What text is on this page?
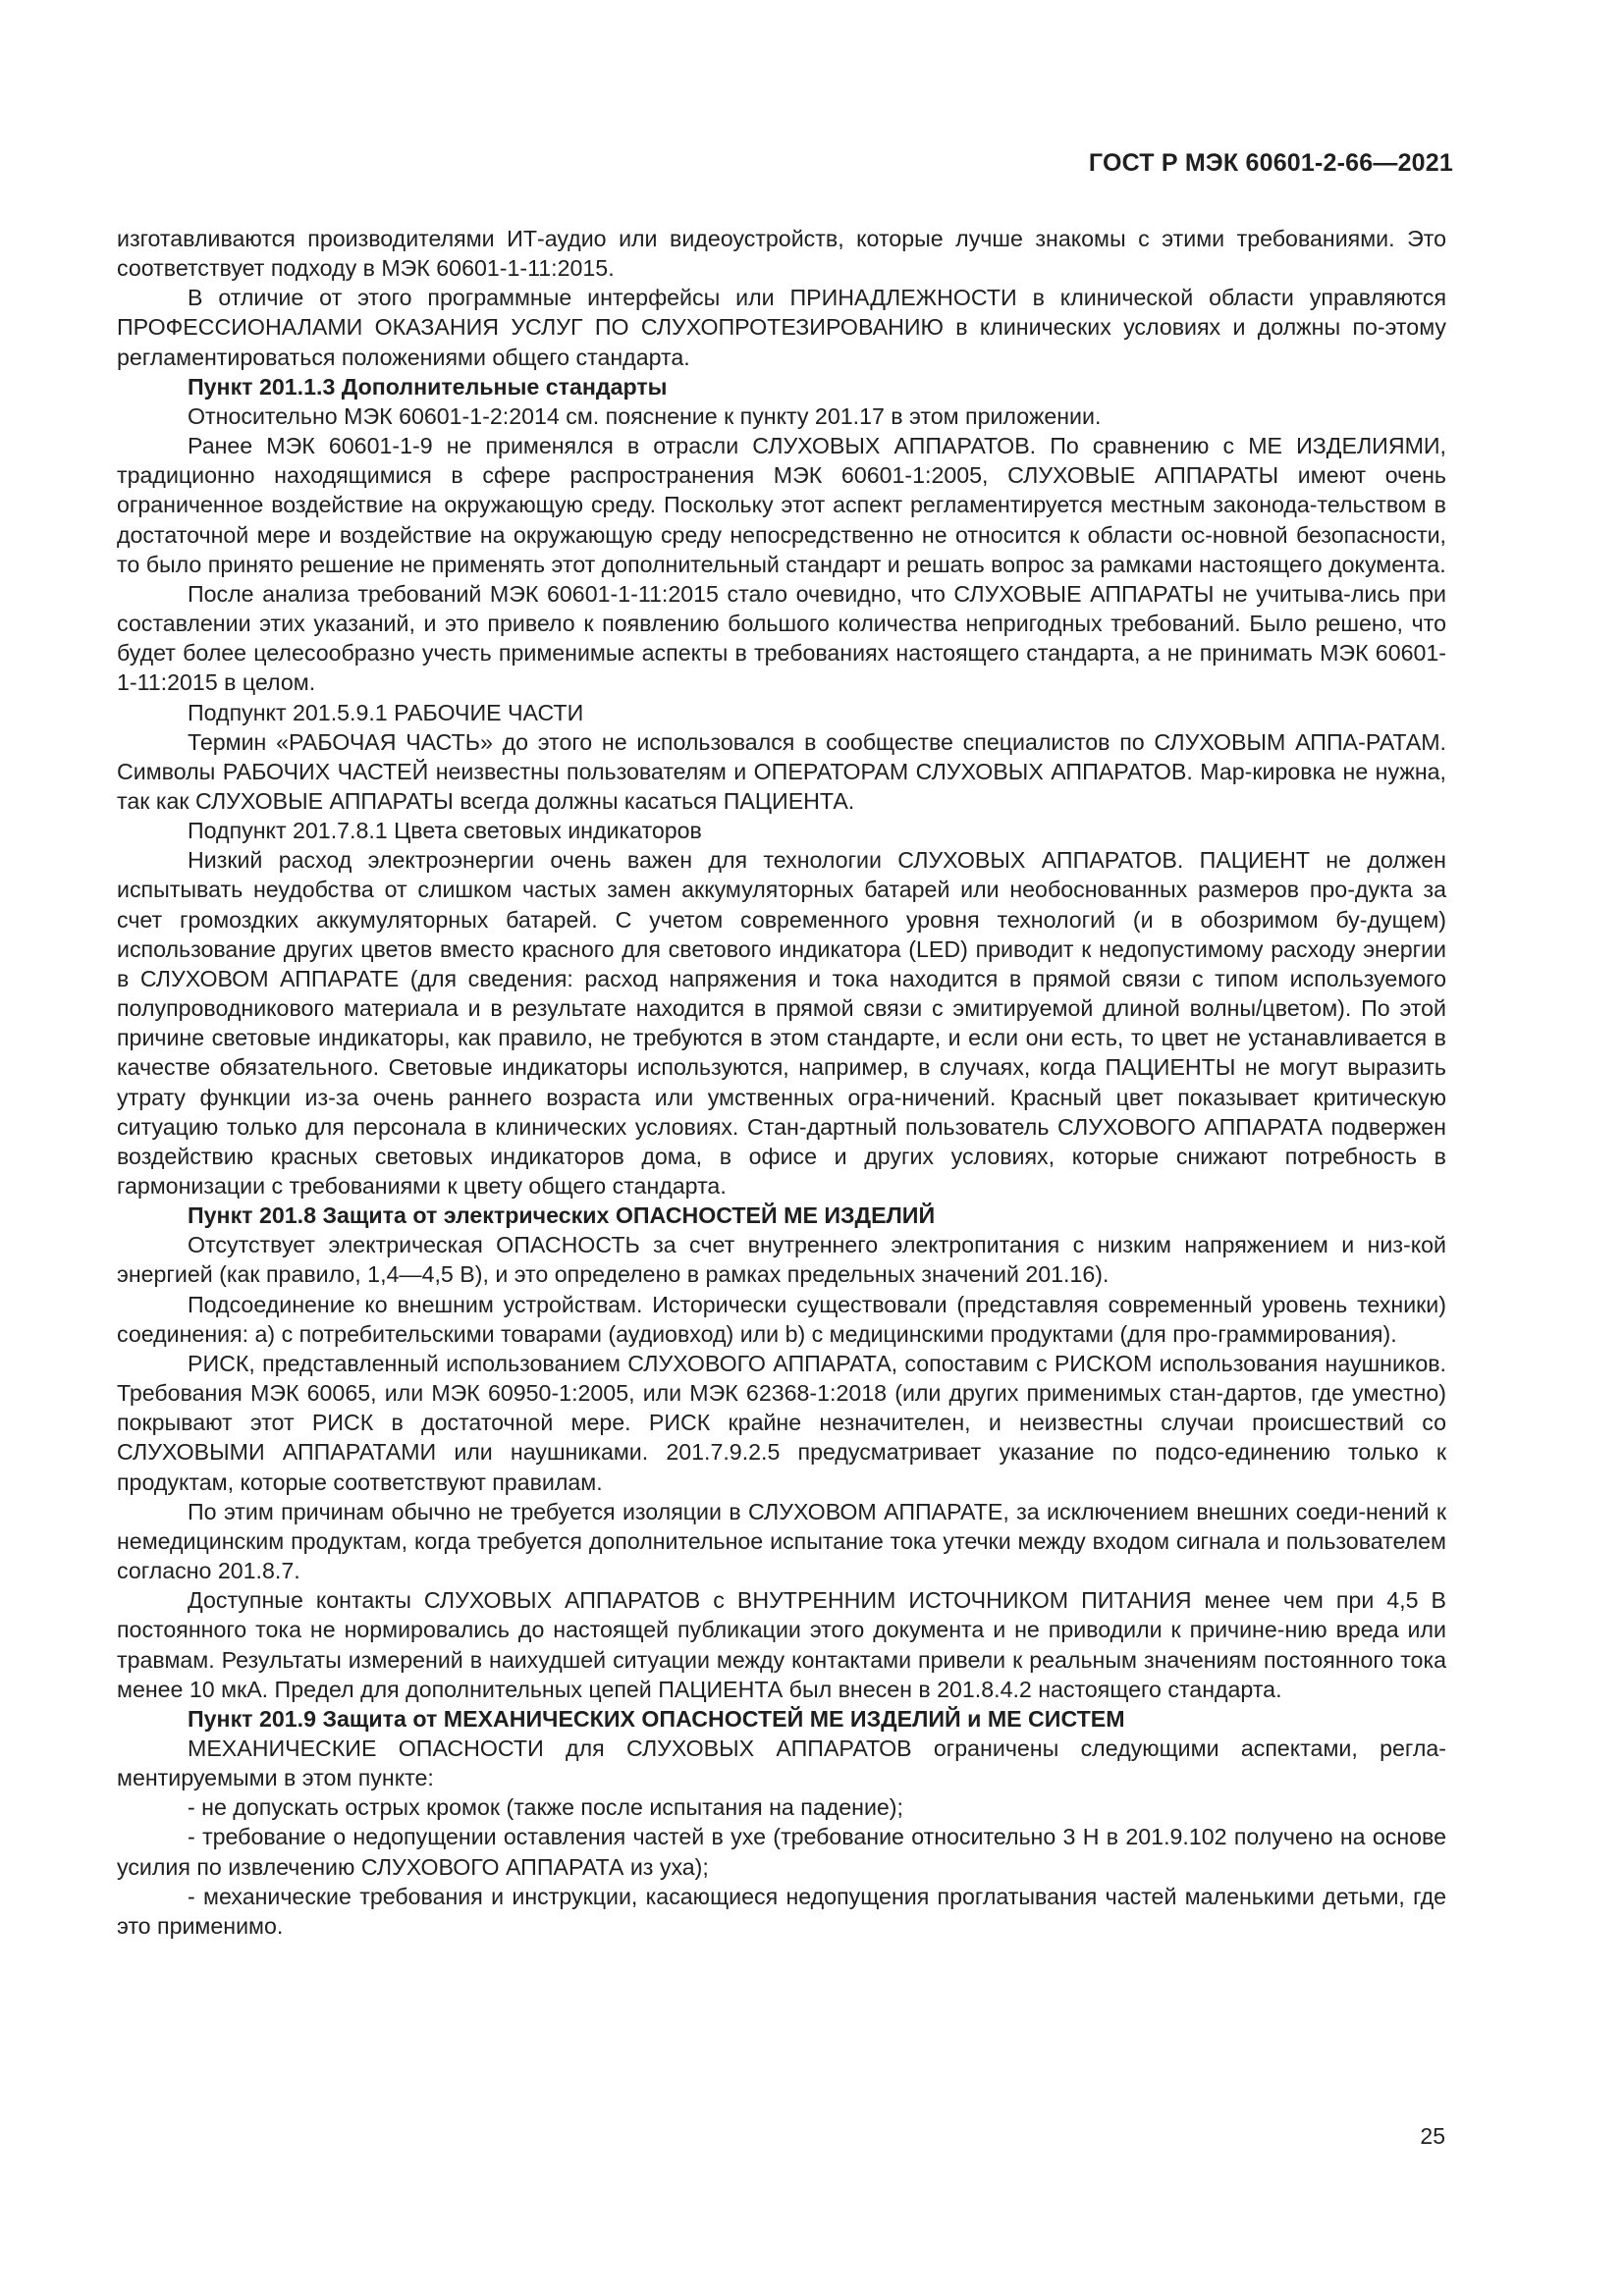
ГОСТ Р МЭК 60601-2-66—2021

изготавливаются производителями ИТ-аудио или видеоустройств, которые лучше знакомы с этими требованиями. Это соответствует подходу в МЭК 60601-1-11:2015.

В отличие от этого программные интерфейсы или ПРИНАДЛЕЖНОСТИ в клинической области управляются ПРОФЕССИОНАЛАМИ ОКАЗАНИЯ УСЛУГ ПО СЛУХОПРОТЕЗИРОВАНИЮ в клинических условиях и должны по-этому регламентироваться положениями общего стандарта.

Пункт 201.1.3 Дополнительные стандарты

Относительно МЭК 60601-1-2:2014 см. пояснение к пункту 201.17 в этом приложении.

Ранее МЭК 60601-1-9 не применялся в отрасли СЛУХОВЫХ АППАРАТОВ. По сравнению с МЕ ИЗДЕЛИЯМИ, традиционно находящимися в сфере распространения МЭК 60601-1:2005, СЛУХОВЫЕ АППАРАТЫ имеют очень ограниченное воздействие на окружающую среду. Поскольку этот аспект регламентируется местным законода-тельством в достаточной мере и воздействие на окружающую среду непосредственно не относится к области ос-новной безопасности, то было принято решение не применять этот дополнительный стандарт и решать вопрос за рамками настоящего документа.

После анализа требований МЭК 60601-1-11:2015 стало очевидно, что СЛУХОВЫЕ АППАРАТЫ не учитыва-лись при составлении этих указаний, и это привело к появлению большого количества непригодных требований. Было решено, что будет более целесообразно учесть применимые аспекты в требованиях настоящего стандарта, а не принимать МЭК 60601-1-11:2015 в целом.

Подпункт 201.5.9.1 РАБОЧИЕ ЧАСТИ

Термин «РАБОЧАЯ ЧАСТЬ» до этого не использовался в сообществе специалистов по СЛУХОВЫМ АППА-РАТАМ. Символы РАБОЧИХ ЧАСТЕЙ неизвестны пользователям и ОПЕРАТОРАМ СЛУХОВЫХ АППАРАТОВ. Мар-кировка не нужна, так как СЛУХОВЫЕ АППАРАТЫ всегда должны касаться ПАЦИЕНТА.

Подпункт 201.7.8.1 Цвета световых индикаторов

Низкий расход электроэнергии очень важен для технологии СЛУХОВЫХ АППАРАТОВ. ПАЦИЕНТ не должен испытывать неудобства от слишком частых замен аккумуляторных батарей или необоснованных размеров про-дукта за счет громоздких аккумуляторных батарей. С учетом современного уровня технологий (и в обозримом бу-дущем) использование других цветов вместо красного для светового индикатора (LED) приводит к недопустимому расходу энергии в СЛУХОВОМ АППАРАТЕ (для сведения: расход напряжения и тока находится в прямой связи с типом используемого полупроводникового материала и в результате находится в прямой связи с эмитируемой длиной волны/цветом). По этой причине световые индикаторы, как правило, не требуются в этом стандарте, и если они есть, то цвет не устанавливается в качестве обязательного. Световые индикаторы используются, например, в случаях, когда ПАЦИЕНТЫ не могут выразить утрату функции из-за очень раннего возраста или умственных огра-ничений. Красный цвет показывает критическую ситуацию только для персонала в клинических условиях. Стан-дартный пользователь СЛУХОВОГО АППАРАТА подвержен воздействию красных световых индикаторов дома, в офисе и других условиях, которые снижают потребность в гармонизации с требованиями к цвету общего стандарта.

Пункт 201.8 Защита от электрических ОПАСНОСТЕЙ МЕ ИЗДЕЛИЙ

Отсутствует электрическая ОПАСНОСТЬ за счет внутреннего электропитания с низким напряжением и низ-кой энергией (как правило, 1,4—4,5 В), и это определено в рамках предельных значений 201.16).

Подсоединение ко внешним устройствам. Исторически существовали (представляя современный уровень техники) соединения: а) с потребительскими товарами (аудиовход) или b) с медицинскими продуктами (для про-граммирования).

РИСК, представленный использованием СЛУХОВОГО АППАРАТА, сопоставим с РИСКОМ использования наушников. Требования МЭК 60065, или МЭК 60950-1:2005, или МЭК 62368-1:2018 (или других применимых стан-дартов, где уместно) покрывают этот РИСК в достаточной мере. РИСК крайне незначителен, и неизвестны случаи происшествий со СЛУХОВЫМИ АППАРАТАМИ или наушниками. 201.7.9.2.5 предусматривает указание по подсо-единению только к продуктам, которые соответствуют правилам.

По этим причинам обычно не требуется изоляции в СЛУХОВОМ АППАРАТЕ, за исключением внешних соеди-нений к немедицинским продуктам, когда требуется дополнительное испытание тока утечки между входом сигнала и пользователем согласно 201.8.7.

Доступные контакты СЛУХОВЫХ АППАРАТОВ с ВНУТРЕННИМ ИСТОЧНИКОМ ПИТАНИЯ менее чем при 4,5 В постоянного тока не нормировались до настоящей публикации этого документа и не приводили к причине-нию вреда или травмам. Результаты измерений в наихудшей ситуации между контактами привели к реальным значениям постоянного тока менее 10 мкА. Предел для дополнительных цепей ПАЦИЕНТА был внесен в 201.8.4.2 настоящего стандарта.

Пункт 201.9 Защита от МЕХАНИЧЕСКИХ ОПАСНОСТЕЙ МЕ ИЗДЕЛИЙ и МЕ СИСТЕМ

МЕХАНИЧЕСКИЕ ОПАСНОСТИ для СЛУХОВЫХ АППАРАТОВ ограничены следующими аспектами, регла-ментируемыми в этом пункте:

- не допускать острых кромок (также после испытания на падение);

- требование о недопущении оставления частей в ухе (требование относительно 3 Н в 201.9.102 получено на основе усилия по извлечению СЛУХОВОГО АППАРАТА из уха);

- механические требования и инструкции, касающиеся недопущения проглатывания частей маленькими детьми, где это применимо.

25
